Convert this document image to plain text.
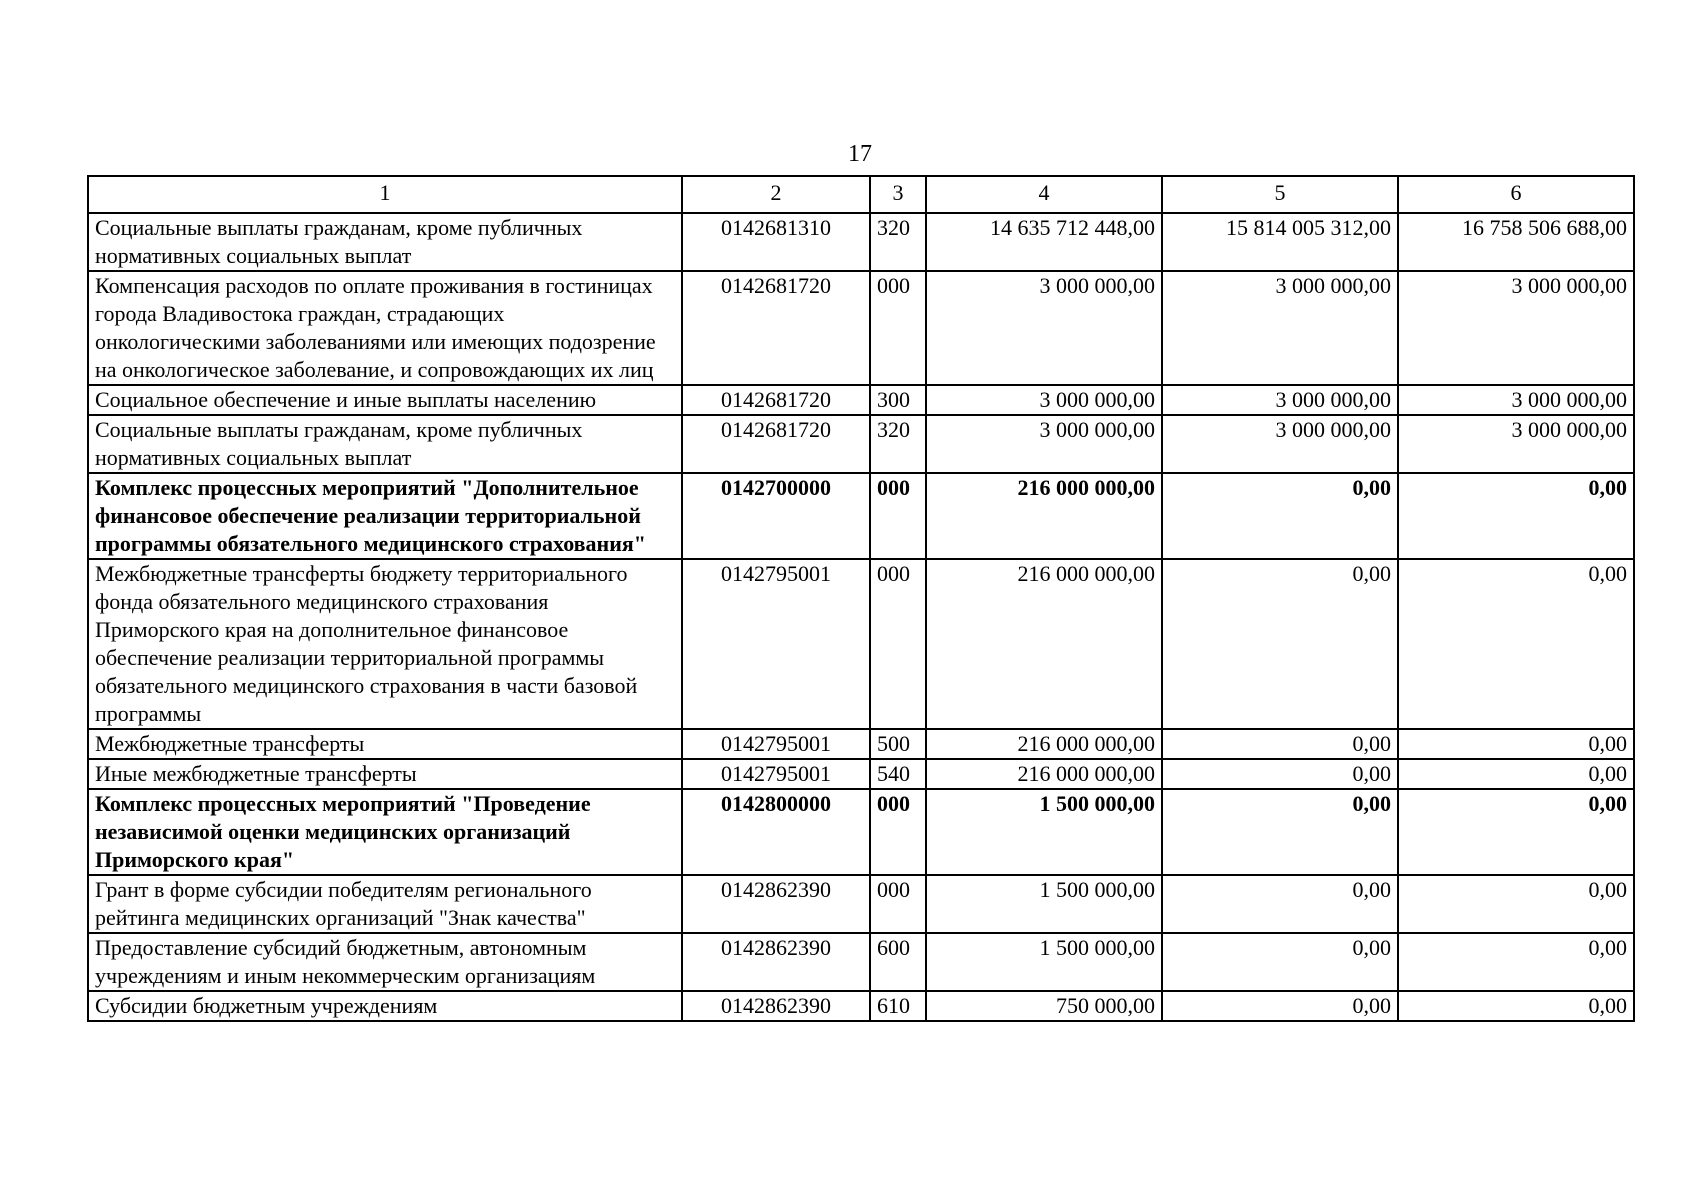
17
1	2	3	4	5	6
Социальные выплаты гражданам, кроме публичных нормативных социальных выплат	0142681310	320	14 635 712 448,00	15 814 005 312,00	16 758 506 688,00
Компенсация расходов по оплате проживания в гостиницах города Владивостока граждан, страдающих онкологическими заболеваниями или имеющих подозрение на онкологическое заболевание, и сопровождающих их лиц	0142681720	000	3 000 000,00	3 000 000,00	3 000 000,00
Социальное обеспечение и иные выплаты населению	0142681720	300	3 000 000,00	3 000 000,00	3 000 000,00
Социальные выплаты гражданам, кроме публичных нормативных социальных выплат	0142681720	320	3 000 000,00	3 000 000,00	3 000 000,00
Комплекс процессных мероприятий "Дополнительное финансовое обеспечение реализации территориальной программы обязательного медицинского страхования"	0142700000	000	216 000 000,00	0,00	0,00
Межбюджетные трансферты бюджету территориального фонда обязательного медицинского страхования Приморского края на дополнительное финансовое обеспечение реализации территориальной программы обязательного медицинского страхования в части базовой программы	0142795001	000	216 000 000,00	0,00	0,00
Межбюджетные трансферты	0142795001	500	216 000 000,00	0,00	0,00
Иные межбюджетные трансферты	0142795001	540	216 000 000,00	0,00	0,00
Комплекс процессных мероприятий "Проведение независимой оценки медицинских организаций Приморского края"	0142800000	000	1 500 000,00	0,00	0,00
Грант в форме субсидии победителям регионального рейтинга медицинских организаций "Знак качества"	0142862390	000	1 500 000,00	0,00	0,00
Предоставление субсидий бюджетным, автономным учреждениям и иным некоммерческим организациям	0142862390	600	1 500 000,00	0,00	0,00
Субсидии бюджетным учреждениям	0142862390	610	750 000,00	0,00	0,00
